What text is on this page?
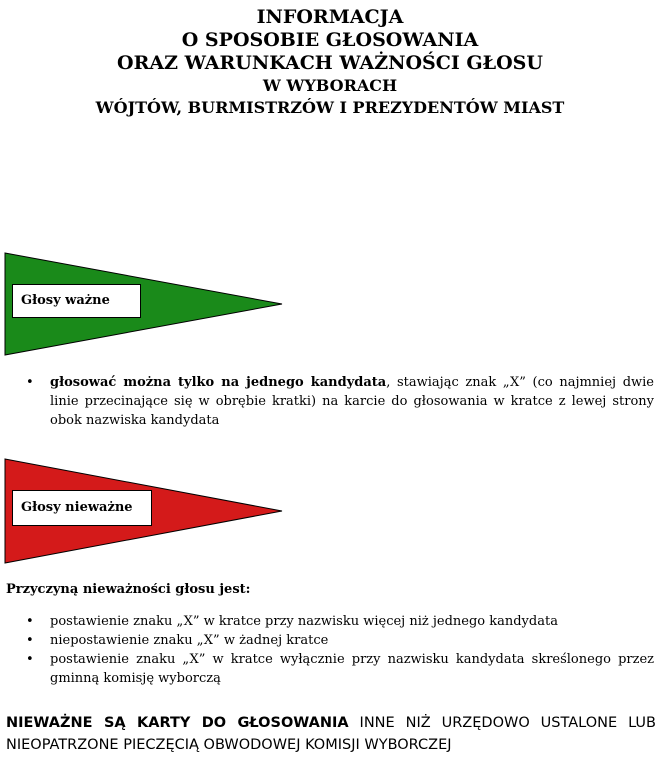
INFORMACJA
O SPOSOBIE GŁOSOWANIA
ORAZ WARUNKACH WAŻNOŚCI GŁOSU
W WYBORACH
WÓJTÓW, BURMISTRZÓW I PREZYDENTÓW MIAST
Głosy ważne
• głosować można tylko na jednego kandydata, stawiając znak „X” (co najmniej dwie linie przecinające się w obrębie kratki) na karcie do głosowania w kratce z lewej strony obok nazwiska kandydata
Głosy nieważne
Przyczyną nieważności głosu jest:
• postawienie znaku „X” w kratce przy nazwisku więcej niż jednego kandydata
• niepostawienie znaku „X” w żadnej kratce
• postawienie znaku „X” w kratce wyłącznie przy nazwisku kandydata skreślonego przez gminną komisję wyborczą
NIEWAŻNE SĄ KARTY DO GŁOSOWANIA INNE NIŻ URZĘDOWO USTALONE LUB NIEOPATRZONE PIECZĘCIĄ OBWODOWEJ KOMISJI WYBORCZEJ
